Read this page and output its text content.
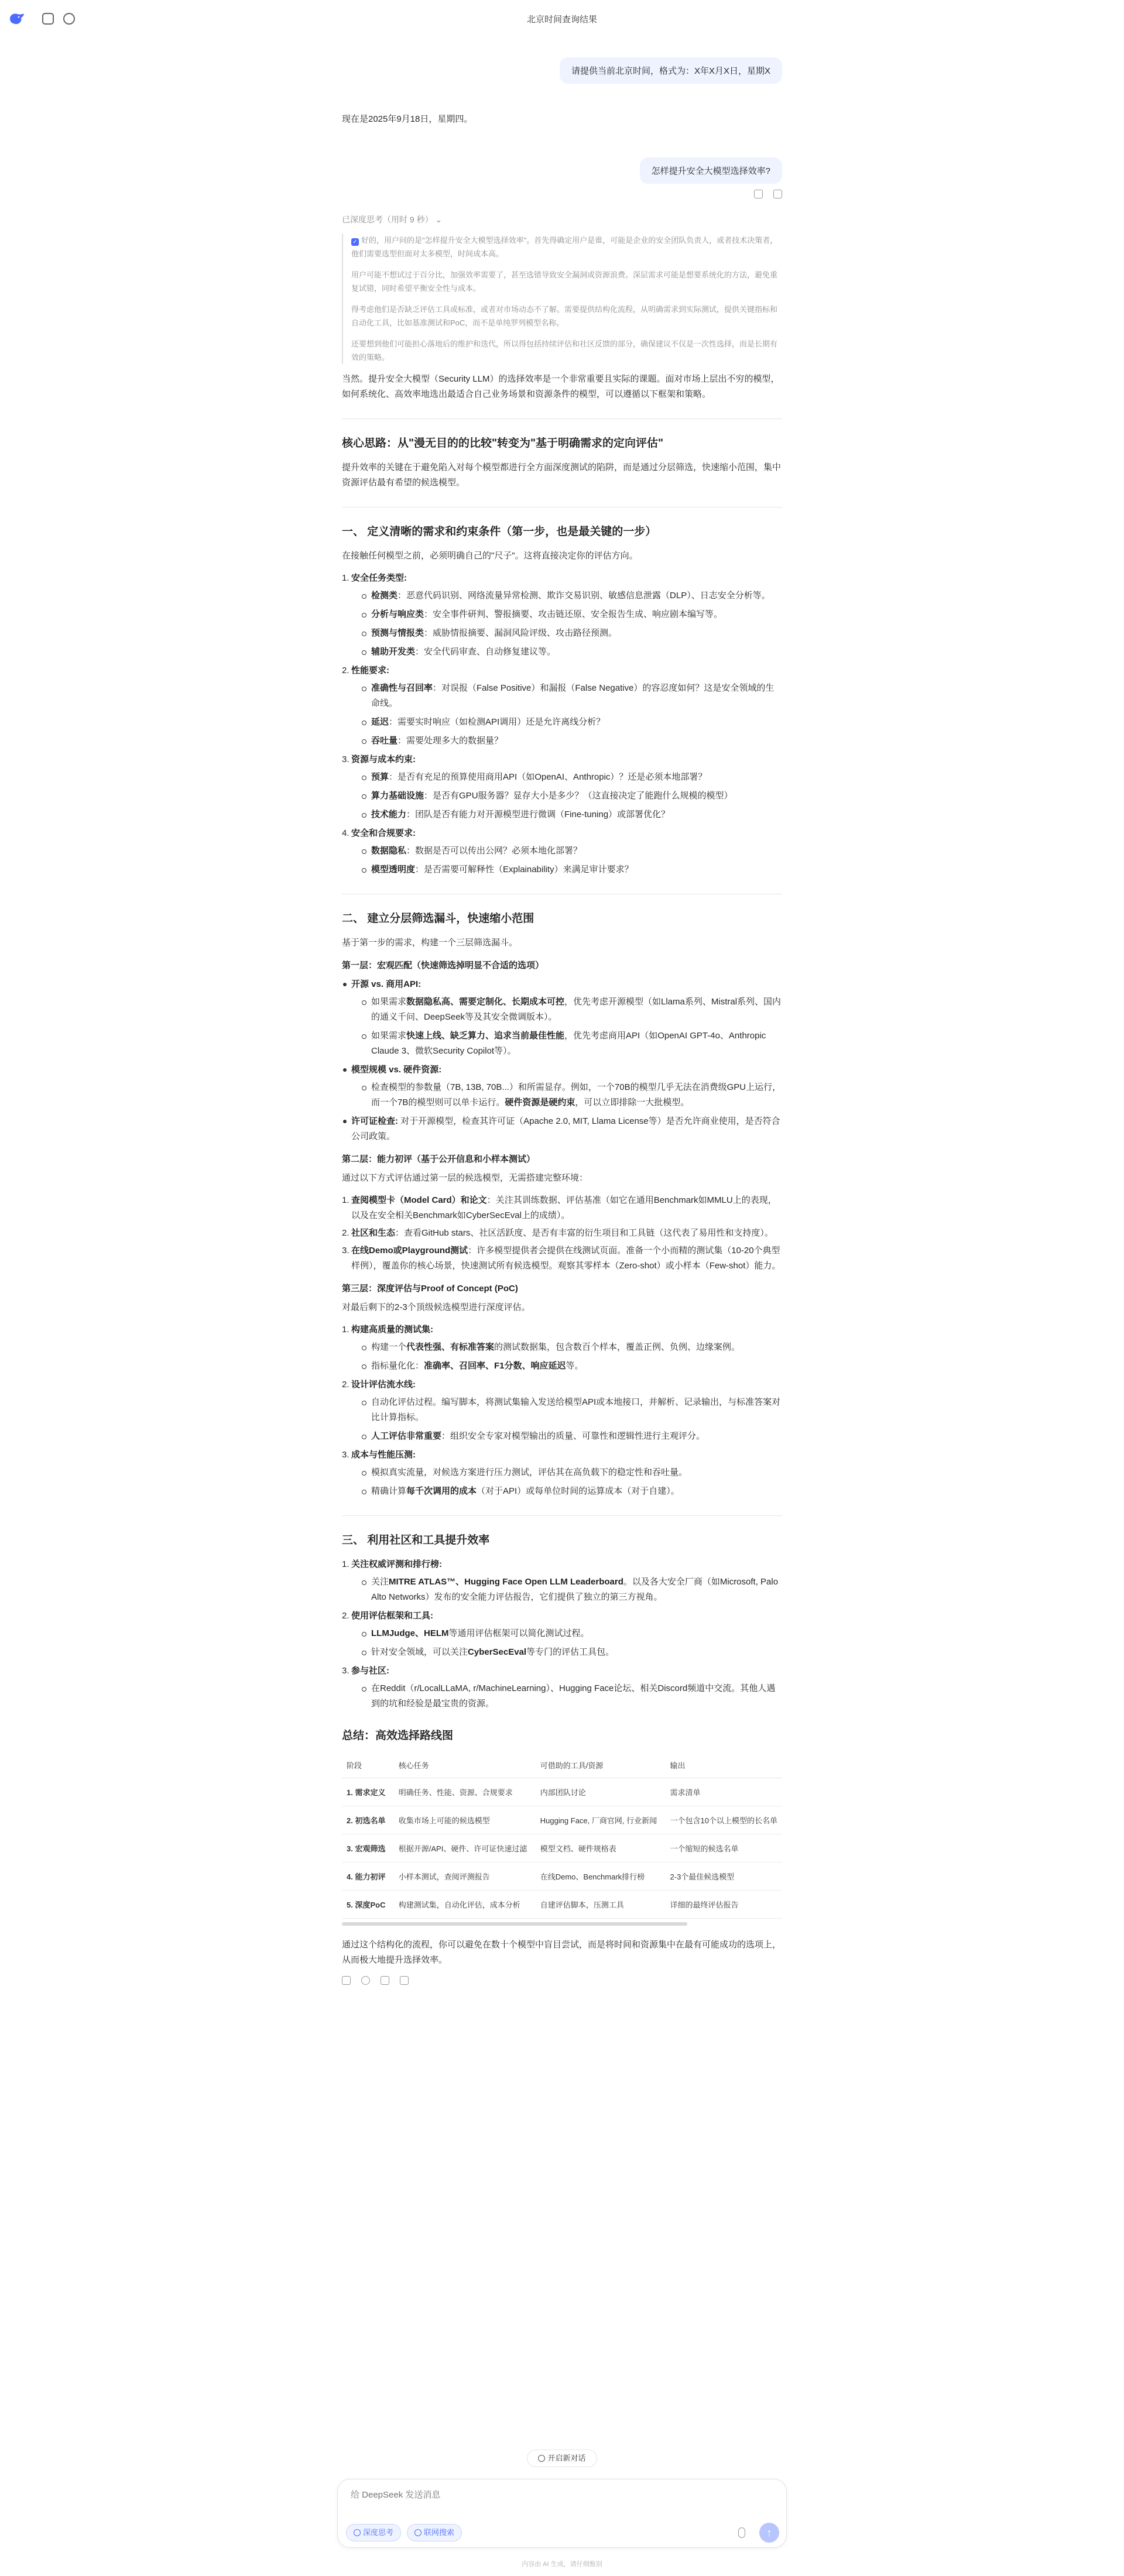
北京时间查询结果
请提供当前北京时间，格式为：X年X月X日，星期X

现在是2025年9月18日，星期四。

怎样提升安全大模型选择效率?
已深度思考（用时 9 秒） ⌄

✓ 好的，用户问的是"怎样提升安全大模型选择效率"。首先得确定用户是谁，可能是企业的安全团队负责人，或者技术决策者，他们需要选型但面对太多模型，时间成本高。

用户可能不想试过于百分比，加强效率需要了，甚至选错导致安全漏洞或资源浪费。深层需求可能是想要系统化的方法，避免重复试错，同时希望平衡安全性与成本。

得考虑他们是否缺乏评估工具或标准，或者对市场动态不了解。需要提供结构化流程，从明确需求到实际测试，提供关键指标和自动化工具，比如基准测试和PoC，而不是单纯罗列模型名称。

还要想到他们可能担心落地后的维护和迭代，所以得包括持续评估和社区反馈的部分，确保建议不仅是一次性选择，而是长期有效的策略。

当然。提升安全大模型（Security LLM）的选择效率是一个非常重要且实际的课题。面对市场上层出不穷的模型，如何系统化、高效率地选出最适合自己业务场景和资源条件的模型，可以遵循以下框架和策略。

核心思路：从"漫无目的的比较"转变为"基于明确需求的定向评估"

提升效率的关键在于避免陷入对每个模型都进行全方面深度测试的陷阱，而是通过分层筛选，快速缩小范围，集中资源评估最有希望的候选模型。

一、 定义清晰的需求和约束条件（第一步，也是最关键的一步）

在接触任何模型之前，必须明确自己的"尺子"。这将直接决定你的评估方向。

1. 安全任务类型:
检测类：恶意代码识别、网络流量异常检测、欺诈交易识别、敏感信息泄露（DLP）、日志安全分析等。
分析与响应类：安全事件研判、警报摘要、攻击链还原、安全报告生成、响应剧本编写等。
预测与情报类：威胁情报摘要、漏洞风险评级、攻击路径预测。
辅助开发类：安全代码审查、自动修复建议等。
2. 性能要求:
准确性与召回率：对误报（False Positive）和漏报（False Negative）的容忍度如何？这是安全领域的生命线。
延迟：需要实时响应（如检测API调用）还是允许离线分析？
吞吐量：需要处理多大的数据量？
3. 资源与成本约束:
预算：是否有充足的预算使用商用API（如OpenAI、Anthropic）？还是必须本地部署？
算力基础设施：是否有GPU服务器？显存大小是多少？（这直接决定了能跑什么规模的模型）
技术能力：团队是否有能力对开源模型进行微调（Fine-tuning）或部署优化？
4. 安全和合规要求:
数据隐私：数据是否可以传出公网？必须本地化部署？
模型透明度：是否需要可解释性（Explainability）来满足审计要求？
二、 建立分层筛选漏斗，快速缩小范围

基于第一步的需求，构建一个三层筛选漏斗。

第一层：宏观匹配（快速筛选掉明显不合适的选项）
开源 vs. 商用API:
如果需求数据隐私高、需要定制化、长期成本可控，优先考虑开源模型（如Llama系列、Mistral系列、国内的通义千问、DeepSeek等及其安全微调版本）。
如果需求快速上线、缺乏算力、追求当前最佳性能，优先考虑商用API（如OpenAI GPT-4o、Anthropic Claude 3、微软Security Copilot等）。
模型规模 vs. 硬件资源:
检查模型的参数量（7B, 13B, 70B...）和所需显存。例如，一个70B的模型几乎无法在消费级GPU上运行，而一个7B的模型则可以单卡运行。硬件资源是硬约束，可以立即排除一大批模型。
许可证检查: 对于开源模型，检查其许可证（Apache 2.0, MIT, Llama License等）是否允许商业使用，是否符合公司政策。
第二层：能力初评（基于公开信息和小样本测试）

通过以下方式评估通过第一层的候选模型，无需搭建完整环境：

1. 查阅模型卡（Model Card）和论文：关注其训练数据、评估基准（如它在通用Benchmark如MMLU上的表现，以及在安全相关Benchmark如CyberSecEval上的成绩）。
2. 社区和生态：查看GitHub stars、社区活跃度、是否有丰富的衍生项目和工具链（这代表了易用性和支持度）。
3. 在线Demo或Playground测试：许多模型提供者会提供在线测试页面。准备一个小而精的测试集（10-20个典型样例），覆盖你的核心场景，快速测试所有候选模型。观察其零样本（Zero-shot）或小样本（Few-shot）能力。
第三层：深度评估与Proof of Concept (PoC)

对最后剩下的2-3个顶级候选模型进行深度评估。

1. 构建高质量的测试集:
构建一个代表性强、有标准答案的测试数据集，包含数百个样本，覆盖正例、负例、边缘案例。
指标量化化：准确率、召回率、F1分数、响应延迟等。
2. 设计评估流水线:
自动化评估过程。编写脚本，将测试集输入发送给模型API或本地接口，并解析、记录输出，与标准答案对比计算指标。
人工评估非常重要：组织安全专家对模型输出的质量、可靠性和逻辑性进行主观评分。
3. 成本与性能压测:
模拟真实流量，对候选方案进行压力测试，评估其在高负载下的稳定性和吞吐量。
精确计算每千次调用的成本（对于API）或每单位时间的运算成本（对于自建）。
三、 利用社区和工具提升效率
1. 关注权威评测和排行榜:
关注MITRE ATLAS™、Hugging Face Open LLM Leaderboard。以及各大安全厂商（如Microsoft, Palo Alto Networks）发布的安全能力评估报告，它们提供了独立的第三方视角。
2. 使用评估框架和工具:
LLMJudge、HELM等通用评估框架可以简化测试过程。
针对安全领域，可以关注CyberSecEval等专门的评估工具包。
3. 参与社区:
在Reddit（r/LocalLLaMA, r/MachineLearning）、Hugging Face论坛、相关Discord频道中交流。其他人遇到的坑和经验是最宝贵的资源。
总结：高效选择路线图
阶段	核心任务	可借助的工具/资源	输出
1. 需求定义	明确任务、性能、资源、合规要求	内部团队讨论	需求清单
2. 初选名单	收集市场上可能的候选模型	Hugging Face, 厂商官网, 行业新闻	一个包含10个以上模型的长名单
3. 宏观筛选	根据开源/API、硬件、许可证快速过滤	模型文档、硬件规格表	一个缩短的候选名单
4. 能力初评	小样本测试，查阅评测报告	在线Demo、Benchmark排行榜	2-3个最佳候选模型
5. 深度PoC	构建测试集，自动化评估，成本分析	自建评估脚本，压测工具	详细的最终评估报告

通过这个结构化的流程，你可以避免在数十个模型中盲目尝试，而是将时间和资源集中在最有可能成功的选项上，从而极大地提升选择效率。

开启新对话
给 DeepSeek 发送消息
深度思考	联网搜索	↑
内容由 AI 生成，请仔细甄别
